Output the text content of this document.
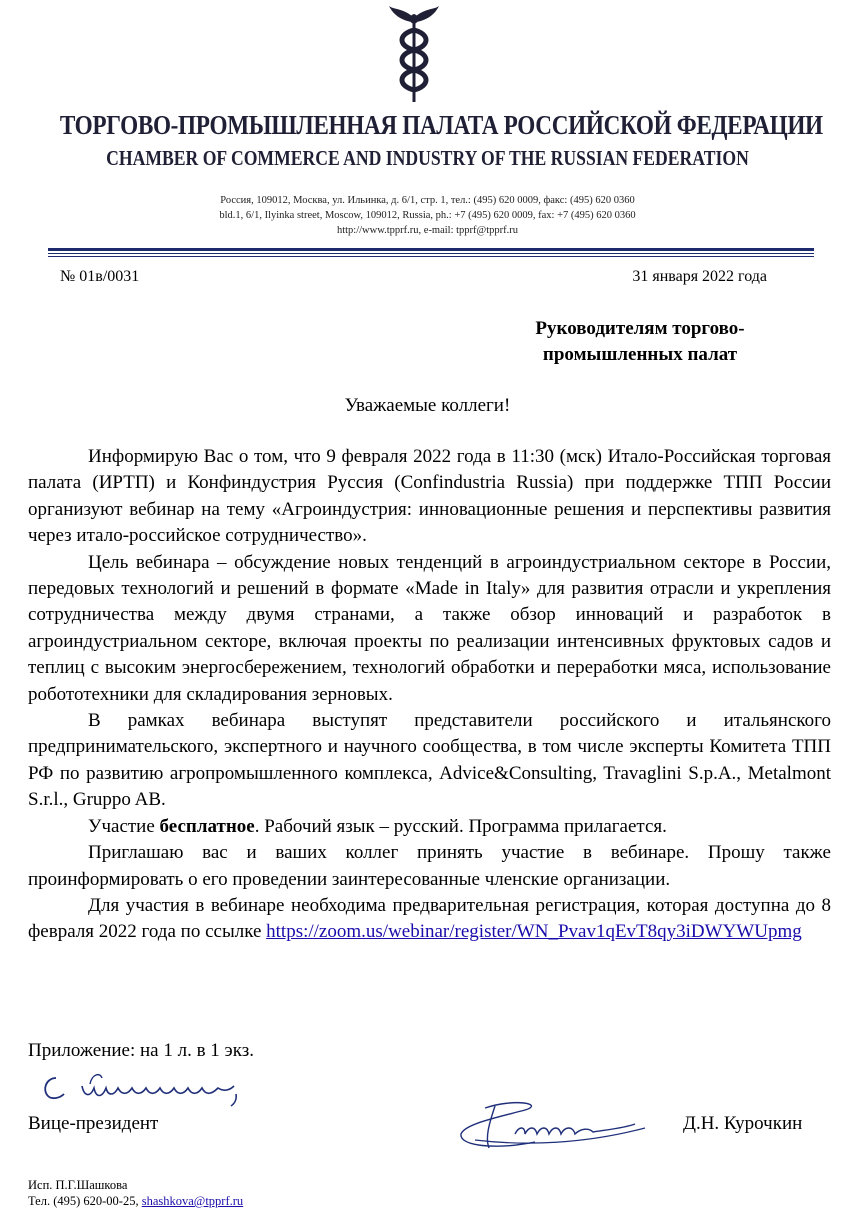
ТОРГОВО-ПРОМЫШЛЕННАЯ ПАЛАТА РОССИЙСКОЙ ФЕДЕРАЦИИ
CHAMBER OF COMMERCE AND INDUSTRY OF THE RUSSIAN FEDERATION
Россия, 109012, Москва, ул. Ильинка, д. 6/1, стр. 1, тел.: (495) 620 0009, факс: (495) 620 0360
bld.1, 6/1, Ilyinka street, Moscow, 109012, Russia, ph.: +7 (495) 620 0009, fax: +7 (495) 620 0360
http://www.tpprf.ru, e-mail: tpprf@tpprf.ru
№ 01в/0031	31 января 2022 года
Руководителям торгово-
промышленных палат
Уважаемые коллеги!

Информирую Вас о том, что 9 февраля 2022 года в 11:30 (мск) Итало-Российская торговая палата (ИРТП) и Конфиндустрия Руссия (Confindustria Russia) при поддержке ТПП России организуют вебинар на тему «Агроиндустрия: инновационные решения и перспективы развития через итало-российское сотрудничество».

Цель вебинара – обсуждение новых тенденций в агроиндустриальном секторе в России, передовых технологий и решений в формате «Made in Italy» для развития отрасли и укрепления сотрудничества между двумя странами, а также обзор инноваций и разработок в агроиндустриальном секторе, включая проекты по реализации интенсивных фруктовых садов и теплиц с высоким энергосбережением, технологий обработки и переработки мяса, использование робототехники для складирования зерновых.

В рамках вебинара выступят представители российского и итальянского предпринимательского, экспертного и научного сообщества, в том числе эксперты Комитета ТПП РФ по развитию агропромышленного комплекса, Advice&Consulting, Travaglini S.p.A., Metalmont S.r.l., Gruppo AB.

Участие бесплатное. Рабочий язык – русский. Программа прилагается.

Приглашаю вас и ваших коллег принять участие в вебинаре. Прошу также проинформировать о его проведении заинтересованные членские организации.

Для участия в вебинаре необходима предварительная регистрация, которая доступна до 8 февраля 2022 года по ссылке https://zoom.us/webinar/register/WN_Pvav1qEvT8qy3iDWYWUpmg

Приложение: на 1 л. в 1 экз.
Вице-президент	Д.Н. Курочкин
Исп. П.Г.Шашкова
Тел. (495) 620-00-25, shashkova@tpprf.ru
